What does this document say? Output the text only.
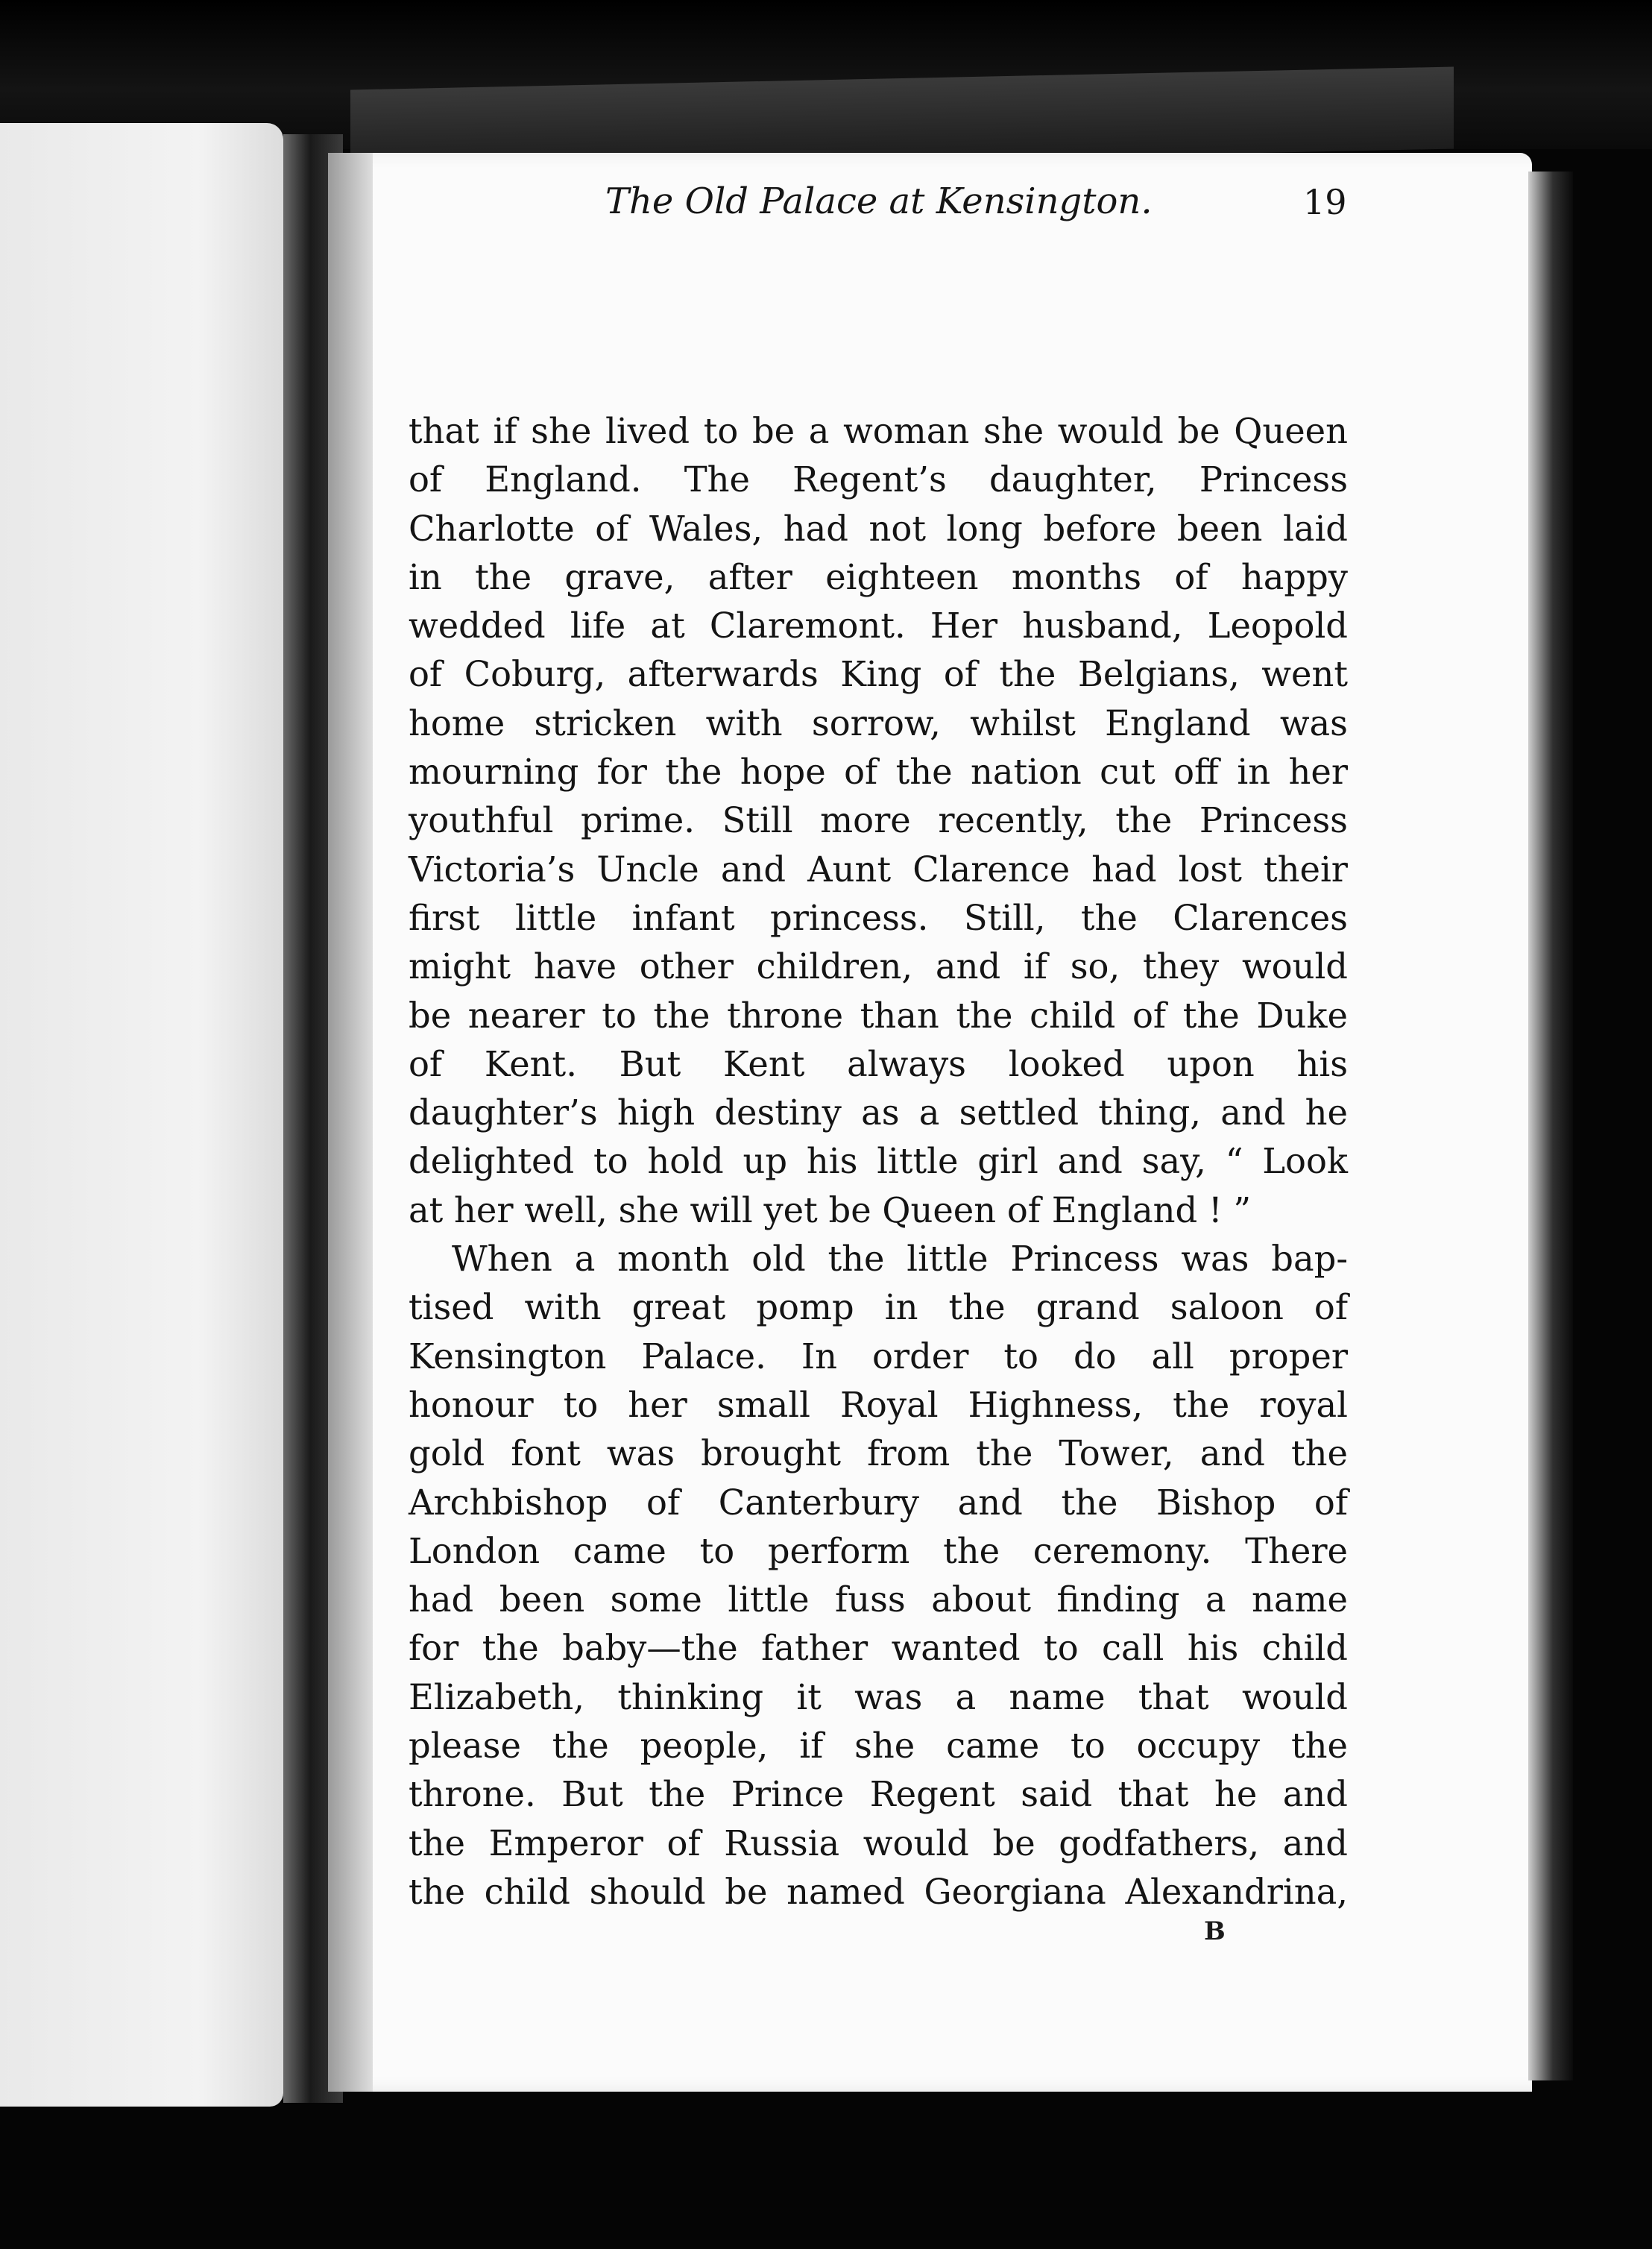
The Old Palace at Kensington.	19
that if she lived to be a woman she would be Queen
of England. The Regent’s daughter, Princess
Charlotte of Wales, had not long before been laid
in the grave, after eighteen months of happy
wedded life at Claremont. Her husband, Leopold
of Coburg, afterwards King of the Belgians, went
home stricken with sorrow, whilst England was
mourning for the hope of the nation cut off in her
youthful prime. Still more recently, the Princess
Victoria’s Uncle and Aunt Clarence had lost their
first little infant princess. Still, the Clarences
might have other children, and if so, they would
be nearer to the throne than the child of the Duke
of Kent. But Kent always looked upon his
daughter’s high destiny as a settled thing, and he
delighted to hold up his little girl and say, “ Look
at her well, she will yet be Queen of England ! ”
When a month old the little Princess was bap-
tised with great pomp in the grand saloon of
Kensington Palace. In order to do all proper
honour to her small Royal Highness, the royal
gold font was brought from the Tower, and the
Archbishop of Canterbury and the Bishop of
London came to perform the ceremony. There
had been some little fuss about finding a name
for the baby—the father wanted to call his child
Elizabeth, thinking it was a name that would
please the people, if she came to occupy the
throne. But the Prince Regent said that he and
the Emperor of Russia would be godfathers, and
the child should be named Georgiana Alexandrina,
B
